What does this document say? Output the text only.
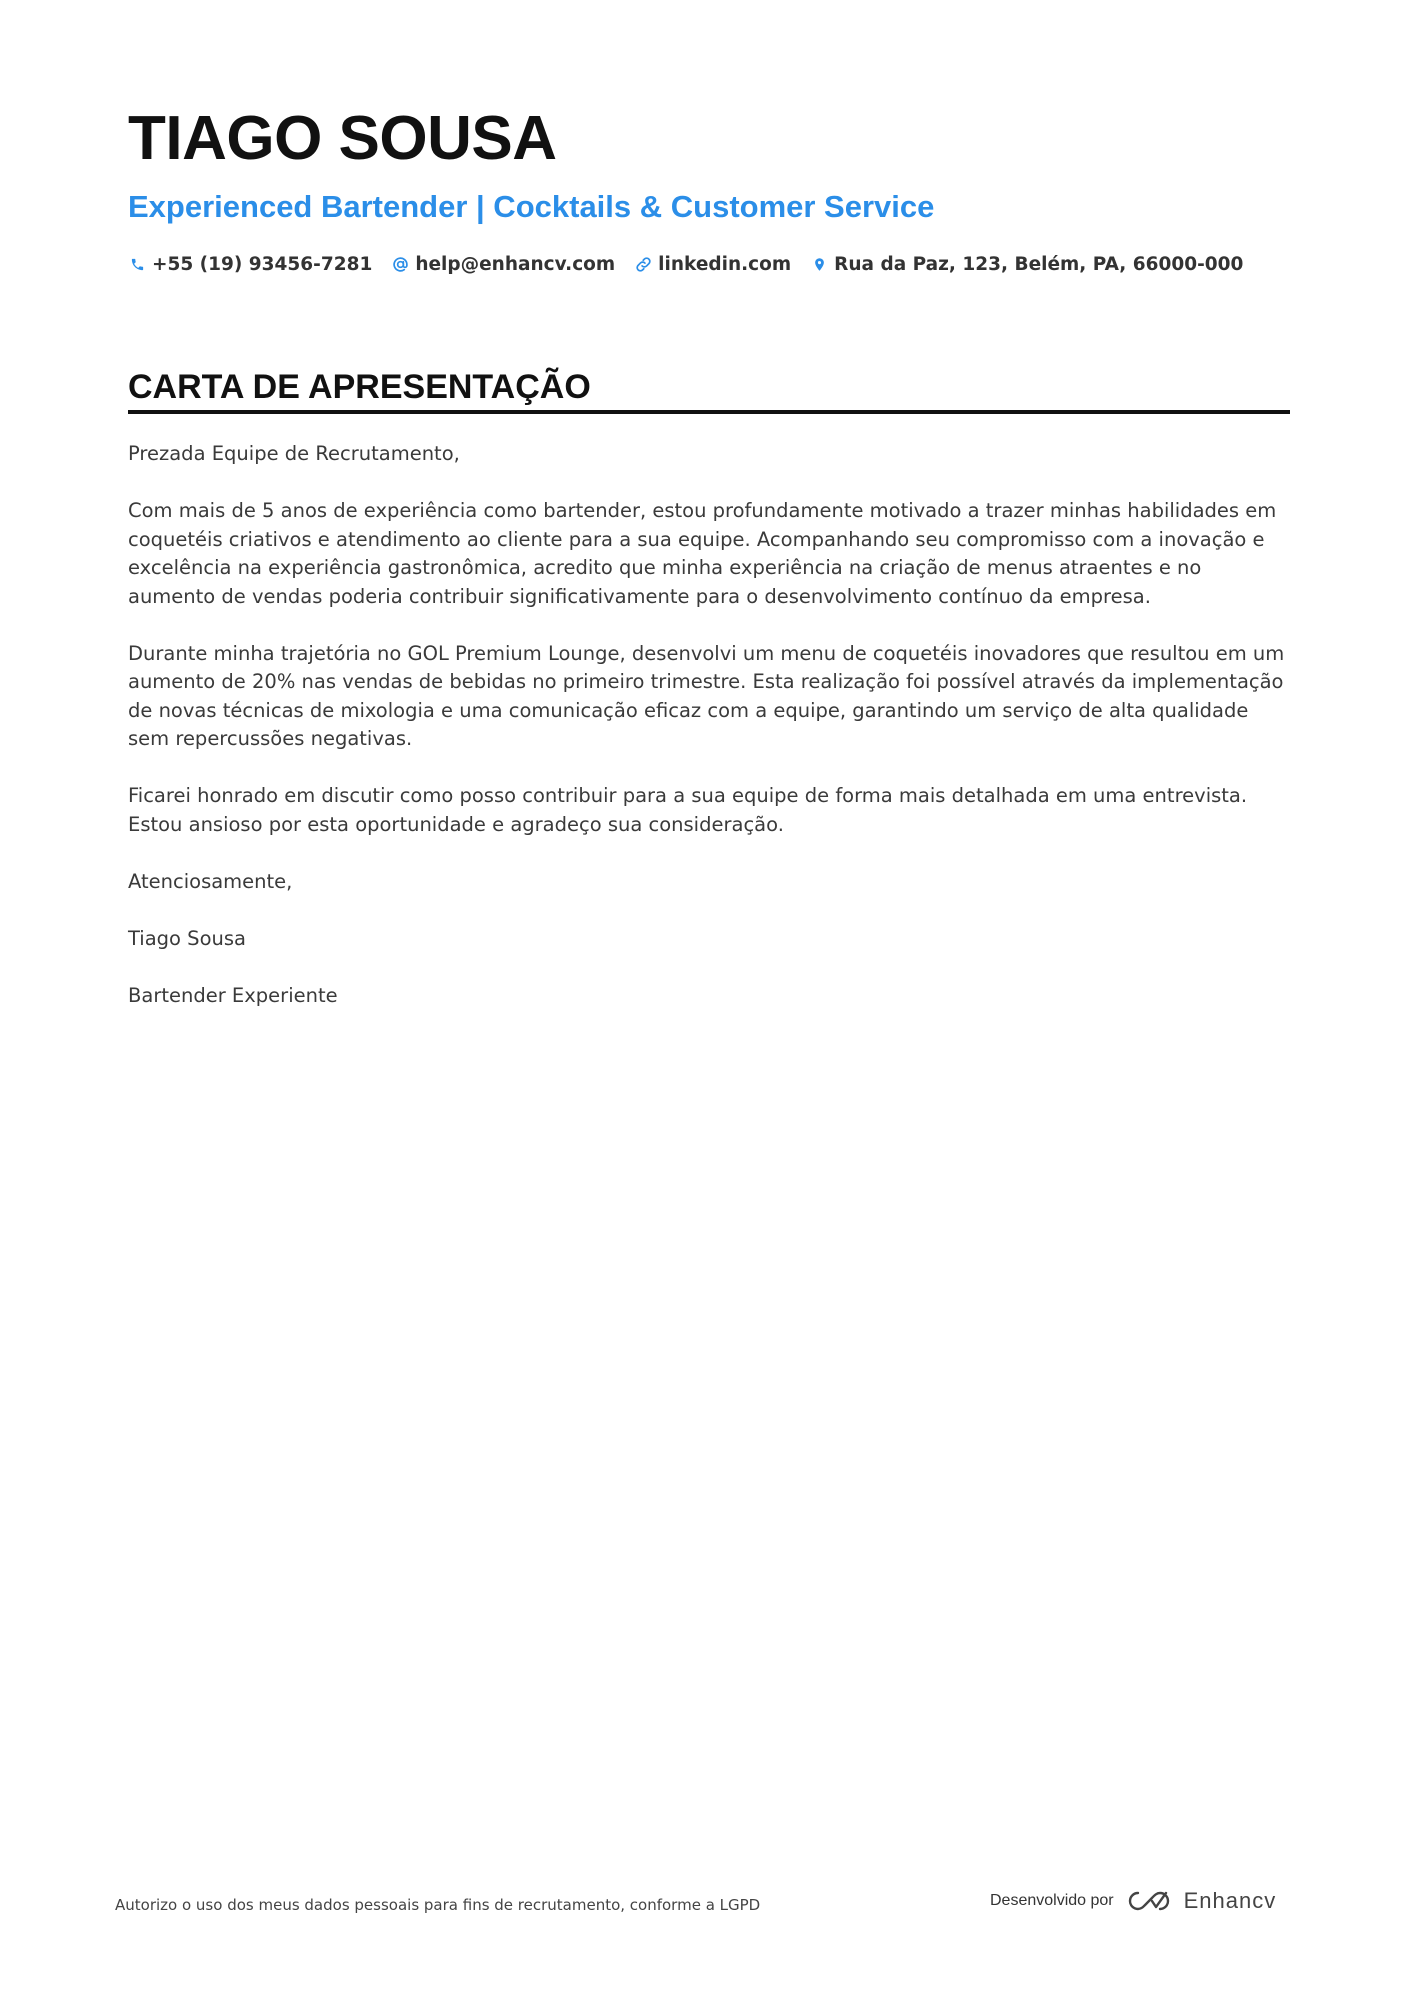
TIAGO SOUSA
Experienced Bartender | Cocktails & Customer Service
+55 (19) 93456-7281 help@enhancv.com linkedin.com Rua da Paz, 123, Belém, PA, 66000-000
CARTA DE APRESENTAÇÃO

Prezada Equipe de Recrutamento,

Com mais de 5 anos de experiência como bartender, estou profundamente motivado a trazer minhas habilidades em coquetéis criativos e atendimento ao cliente para a sua equipe. Acompanhando seu compromisso com a inovação e excelência na experiência gastronômica, acredito que minha experiência na criação de menus atraentes e no aumento de vendas poderia contribuir significativamente para o desenvolvimento contínuo da empresa.

Durante minha trajetória no GOL Premium Lounge, desenvolvi um menu de coquetéis inovadores que resultou em um aumento de 20% nas vendas de bebidas no primeiro trimestre. Esta realização foi possível através da implementação de novas técnicas de mixologia e uma comunicação eficaz com a equipe, garantindo um serviço de alta qualidade sem repercussões negativas.

Ficarei honrado em discutir como posso contribuir para a sua equipe de forma mais detalhada em uma entrevista. Estou ansioso por esta oportunidade e agradeço sua consideração.

Atenciosamente,

Tiago Sousa

Bartender Experiente

Autorizo o uso dos meus dados pessoais para fins de recrutamento, conforme a LGPD	Desenvolvido por	Enhancv
